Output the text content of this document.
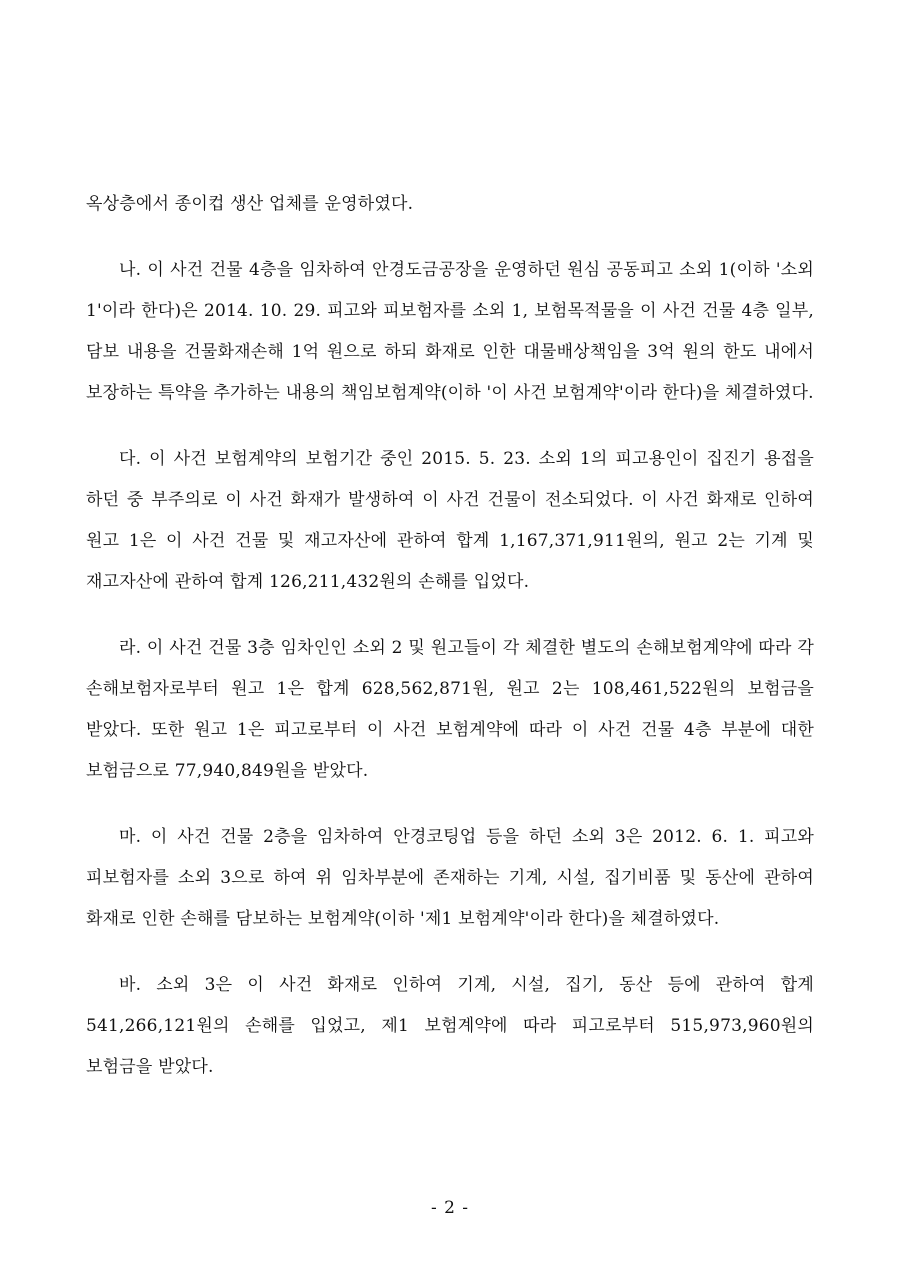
옥상층에서 종이컵 생산 업체를 운영하였다.

나. 이 사건 건물 4층을 임차하여 안경도금공장을 운영하던 원심 공동피고 소외 1(이하 '소외 1'이라 한다)은 2014. 10. 29. 피고와 피보험자를 소외 1, 보험목적물을 이 사건 건물 4층 일부, 담보 내용을 건물화재손해 1억 원으로 하되 화재로 인한 대물배상책임을 3억 원의 한도 내에서 보장하는 특약을 추가하는 내용의 책임보험계약(이하 '이 사건 보험계약'이라 한다)을 체결하였다.

다. 이 사건 보험계약의 보험기간 중인 2015. 5. 23. 소외 1의 피고용인이 집진기 용접을 하던 중 부주의로 이 사건 화재가 발생하여 이 사건 건물이 전소되었다. 이 사건 화재로 인하여 원고 1은 이 사건 건물 및 재고자산에 관하여 합계 1,167,371,911원의, 원고 2는 기계 및 재고자산에 관하여 합계 126,211,432원의 손해를 입었다.

라. 이 사건 건물 3층 임차인인 소외 2 및 원고들이 각 체결한 별도의 손해보험계약에 따라 각 손해보험자로부터 원고 1은 합계 628,562,871원, 원고 2는 108,461,522원의 보험금을 받았다. 또한 원고 1은 피고로부터 이 사건 보험계약에 따라 이 사건 건물 4층 부분에 대한 보험금으로 77,940,849원을 받았다.

마. 이 사건 건물 2층을 임차하여 안경코팅업 등을 하던 소외 3은 2012. 6. 1. 피고와 피보험자를 소외 3으로 하여 위 임차부분에 존재하는 기계, 시설, 집기비품 및 동산에 관하여 화재로 인한 손해를 담보하는 보험계약(이하 '제1 보험계약'이라 한다)을 체결하였다.

바. 소외 3은 이 사건 화재로 인하여 기계, 시설, 집기, 동산 등에 관하여 합계 541,266,121원의 손해를 입었고, 제1 보험계약에 따라 피고로부터 515,973,960원의 보험금을 받았다.

- 2 -
